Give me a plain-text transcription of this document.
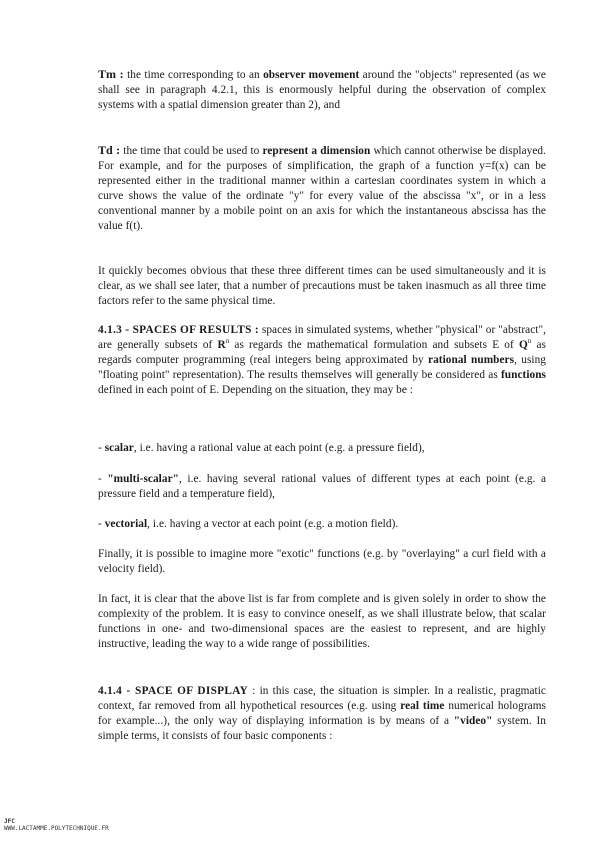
Tm : the time corresponding to an observer movement around the "objects" represented (as we shall see in paragraph 4.2.1, this is enormously helpful during the observation of complex systems with a spatial dimension greater than 2), and

Td : the time that could be used to represent a dimension which cannot otherwise be displayed. For example, and for the purposes of simplification, the graph of a function y=f(x) can be represented either in the traditional manner within a cartesian coordinates system in which a curve shows the value of the ordinate "y" for every value of the abscissa "x", or in a less conventional manner by a mobile point on an axis for which the instantaneous abscissa has the value f(t).

It quickly becomes obvious that these three different times can be used simultaneously and it is clear, as we shall see later, that a number of precautions must be taken inasmuch as all three time factors refer to the same physical time.

4.1.3 - SPACES OF RESULTS : spaces in simulated systems, whether "physical" or "abstract", are generally subsets of $R^n$ as regards the mathematical formulation and subsets E of $Q^n$ as regards computer programming (real integers being approximated by rational numbers, using "floating point" representation). The results themselves will generally be considered as functions defined in each point of E. Depending on the situation, they may be :

- scalar, i.e. having a rational value at each point (e.g. a pressure field),

- "multi-scalar", i.e. having several rational values of different types at each point (e.g. a pressure field and a temperature field),

- vectorial, i.e. having a vector at each point (e.g. a motion field).

Finally, it is possible to imagine more "exotic" functions (e.g. by "overlaying" a curl field with a velocity field).

In fact, it is clear that the above list is far from complete and is given solely in order to show the complexity of the problem. It is easy to convince oneself, as we shall illustrate below, that scalar functions in one- and two-dimensional spaces are the easiest to represent, and are highly instructive, leading the way to a wide range of possibilities.

4.1.4 - SPACE OF DISPLAY : in this case, the situation is simpler. In a realistic, pragmatic context, far removed from all hypothetical resources (e.g. using real time numerical holograms for example...), the only way of displaying information is by means of a "video" system. In simple terms, it consists of four basic components :

JFC
WWW.LACTAMME.POLYTECHNIQUE.FR
